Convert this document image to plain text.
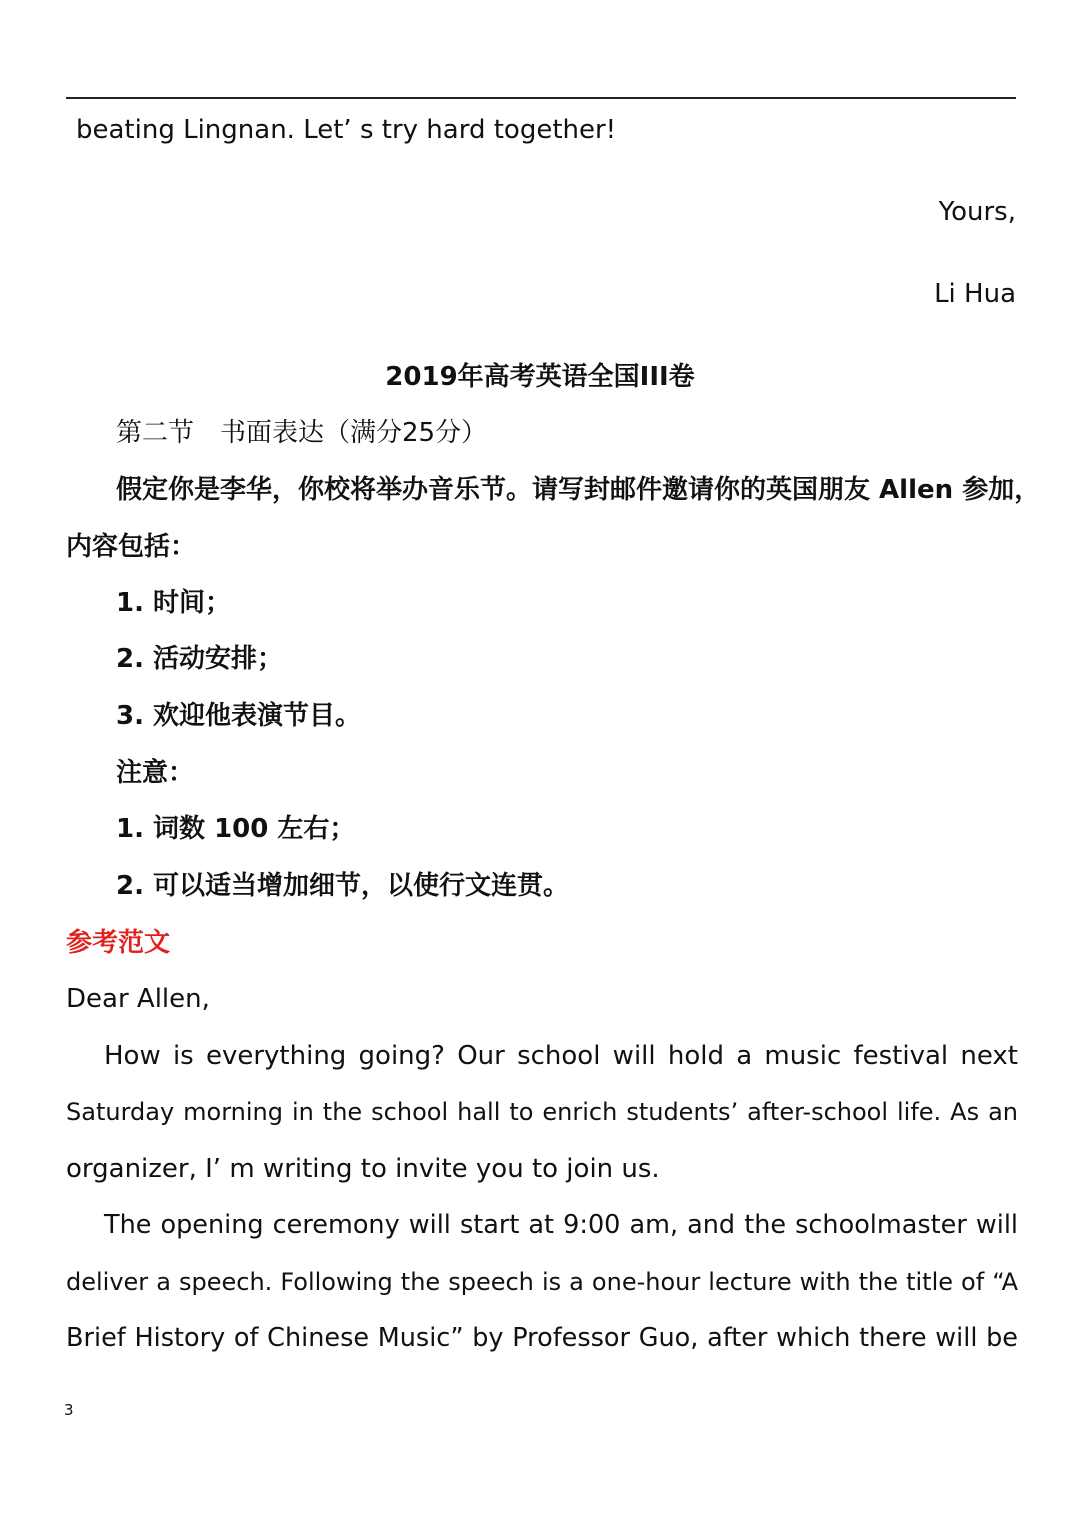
beating Lingnan. Let’ s try hard together!
Yours,
Li Hua
2019年高考英语全国III卷
第二节　书面表达（满分25分）
假定你是李华，你校将举办音乐节。请写封邮件邀请你的英国朋友 Allen 参加，
内容包括：
1. 时间；
2. 活动安排；
3. 欢迎他表演节目。
注意：
1. 词数 100 左右；
2. 可以适当增加细节，以使行文连贯。
参考范文
Dear Allen,
How is everything going? Our school will hold a music festival next
Saturday morning in the school hall to enrich students’ after-school life. As an
organizer, I’ m writing to invite you to join us.
The opening ceremony will start at 9:00 am, and the schoolmaster will
deliver a speech. Following the speech is a one-hour lecture with the title of “A
Brief History of Chinese Music” by Professor Guo, after which there will be
3
